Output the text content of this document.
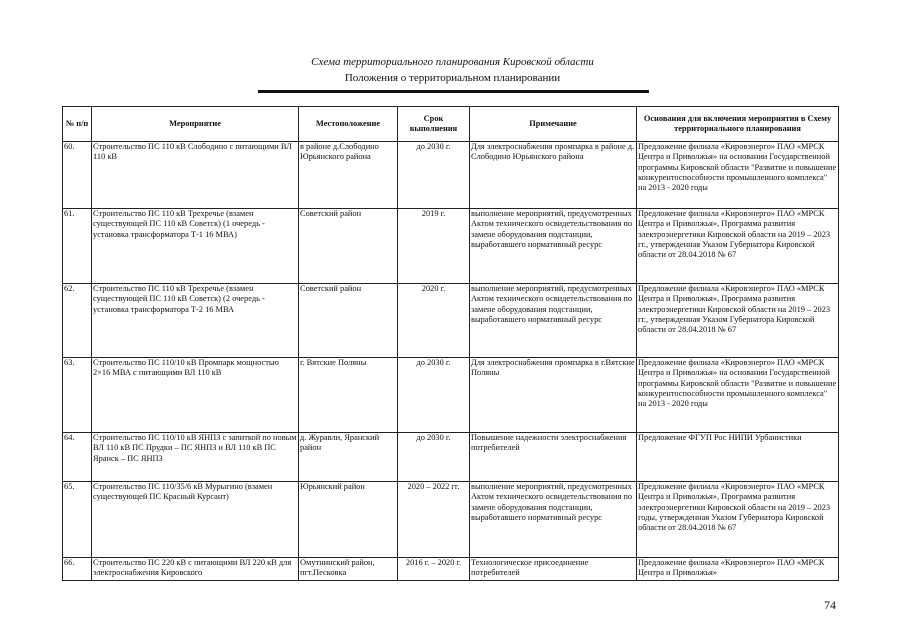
Схема территориального планирования Кировской области
Положения о территориальном планировании
№ п/п	Мероприятие	Местоположение	Срок выполнения	Примечание	Основания для включения мероприятия в Схему территориального планирования
60.	Строительство ПС 110 кВ Слободино с питающими ВЛ 110 кВ	в районе д.Слободино Юрьянского района	до 2030 г.	Для электроснабжения промпарка в районе д. Слободино Юрьянского района	Предложение филиала «Кировэнерго» ПАО «МРСК Центра и Приволжья» на основании Государственной программы Кировской области "Развитие и повышение конкурентоспособности промышленного комплекса" на 2013 - 2020 годы
61.	Строительство ПС 110 кВ Трехречье (взамен существующей ПС 110 кВ Советск) (1 очередь - установка трансформатора Т-1 16 МВА)	Советский район	2019 г.	выполнение мероприятий, предусмотренных Актом технического освидетельствования по замене оборудования подстанции, выработавшего нормативный ресурс	Предложение филиала «Кировэнерго» ПАО «МРСК Центра и Приволжья», Программа развития электроэнергетики Кировской области на 2019 – 2023 гг., утвержденная Указом Губернатора Кировской области от 28.04.2018 № 67
62.	Строительство ПС 110 кВ Трехречье (взамен существующей ПС 110 кВ Советск) (2 очередь - установка трансформатора Т-2 16 МВА	Советский район	2020 г.	выполнение мероприятий, предусмотренных Актом технического освидетельствования по замене оборудования подстанции, выработавшего нормативный ресурс	Предложение филиала «Кировэнерго» ПАО «МРСК Центра и Приволжья», Программа развития электроэнергетики Кировской области на 2019 – 2023 гг., утвержденная Указом Губернатора Кировской области от 28.04.2018 № 67
63.	Строительство ПС 110/10 кВ Промпарк мощностью 2×16 МВА с питающими ВЛ 110 кВ	г. Вятские Поляны	до 2030 г.	Для электроснабжения промпарка в г.Вятские Поляны	Предложение филиала «Кировэнерго» ПАО «МРСК Центра и Приволжья» на основании Государственной программы Кировской области "Развитие и повышение конкурентоспособности промышленного комплекса" на 2013 - 2020 годы
64.	Строительство ПС 110/10 кВ ЯНПЗ с запиткой по новым ВЛ 110 кВ ПС Прудки – ПС ЯНПЗ и ВЛ 110 кВ ПС Яранск – ПС ЯНПЗ	д. Журавли, Яранский район	до 2030 г.	Повышение надежности электроснабжения потребителей	Предложение ФГУП Рос НИПИ Урбанистики
65.	Строительство ПС 110/35/6 кВ Мурыгино (взамен существующей ПС Красный Курсант)	Юрьянский район	2020 – 2022 гг.	выполнение мероприятий, предусмотренных Актом технического освидетельствования по замене оборудования подстанции, выработавшего нормативный ресурс	Предложение филиала «Кировэнерго» ПАО «МРСК Центра и Приволжья», Программа развития электроэнергетики Кировской области на 2019 – 2023 годы, утвержденная Указом Губернатора Кировской области от 28.04.2018 № 67
66.	Строительство ПС 220 кВ с питающими ВЛ 220 кВ для электроснабжения Кировского	Омутнинский район, пгт.Песковка	2016 г. – 2020 г.	Технологическое присоединение потребителей	Предложение филиала «Кировэнерго» ПАО «МРСК Центра и Приволжья»
74
